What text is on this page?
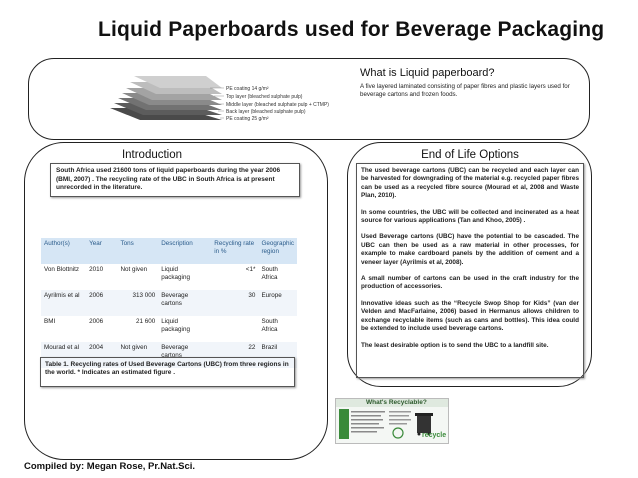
Liquid Paperboards used for Beverage Packaging
PE coating 14 g/m²
Top layer (bleached sulphate pulp)
Middle layer (bleached sulphate pulp + CTMP)
Back layer (bleached sulphate pulp)
PE coating 25 g/m²
What is Liquid paperboard?
A five layered laminated consisting of paper fibres and plastic layers used for beverage cartons and frozen foods.
Introduction
South Africa used 21600 tons of liquid paperboards during the year 2006 (BMI, 2007) . The recycling rate of the UBC in South Africa is at present unrecorded in the literature.
Author(s)	Year	Tons	Description	Recycling rate in %	Geographic region
Von Blottnitz	2010	Not given	Liquid packaging	<1*	South Africa
Ayrilmis et al	2006	313 000	Beverage cartons	30	Europe
BMI	2006	21 600	Liquid packaging		South Africa
Mourad et al	2004	Not given	Beverage cartons	22	Brazil
Table 1. Recycling rates of Used Beverage Cartons (UBC) from three regions in the world. * Indicates an estimated figure .
End of Life Options

The used beverage cartons (UBC) can be recycled and each layer can be harvested for downgrading of the material e.g. recycled paper fibres can be used as a recycled fibre source (Mourad et al, 2008 and Waste Plan, 2010).

In some countries, the UBC will be collected and incinerated as a heat source for various applications (Tan and Khoo, 2005) .

Used Beverage cartons (UBC) have the potential to be cascaded. The UBC can then be used as a raw material in other processes, for example to make cardboard panels by the addition of cement and a veneer layer (Ayrilmis et al, 2008).

A small number of cartons can be used in the craft industry for the production of accessories.

Innovative ideas such as the “Recycle Swop Shop for Kids” (van der Velden and MacFarlaine, 2006) based in Hermanus allows children to exchange recyclable items (such as cans and bottles). This idea could be extended to include used beverage cartons.

The least desirable option is to send the UBC to a landfill site.

What's Recyclable?
recycle
Compiled by: Megan Rose, Pr.Nat.Sci.
